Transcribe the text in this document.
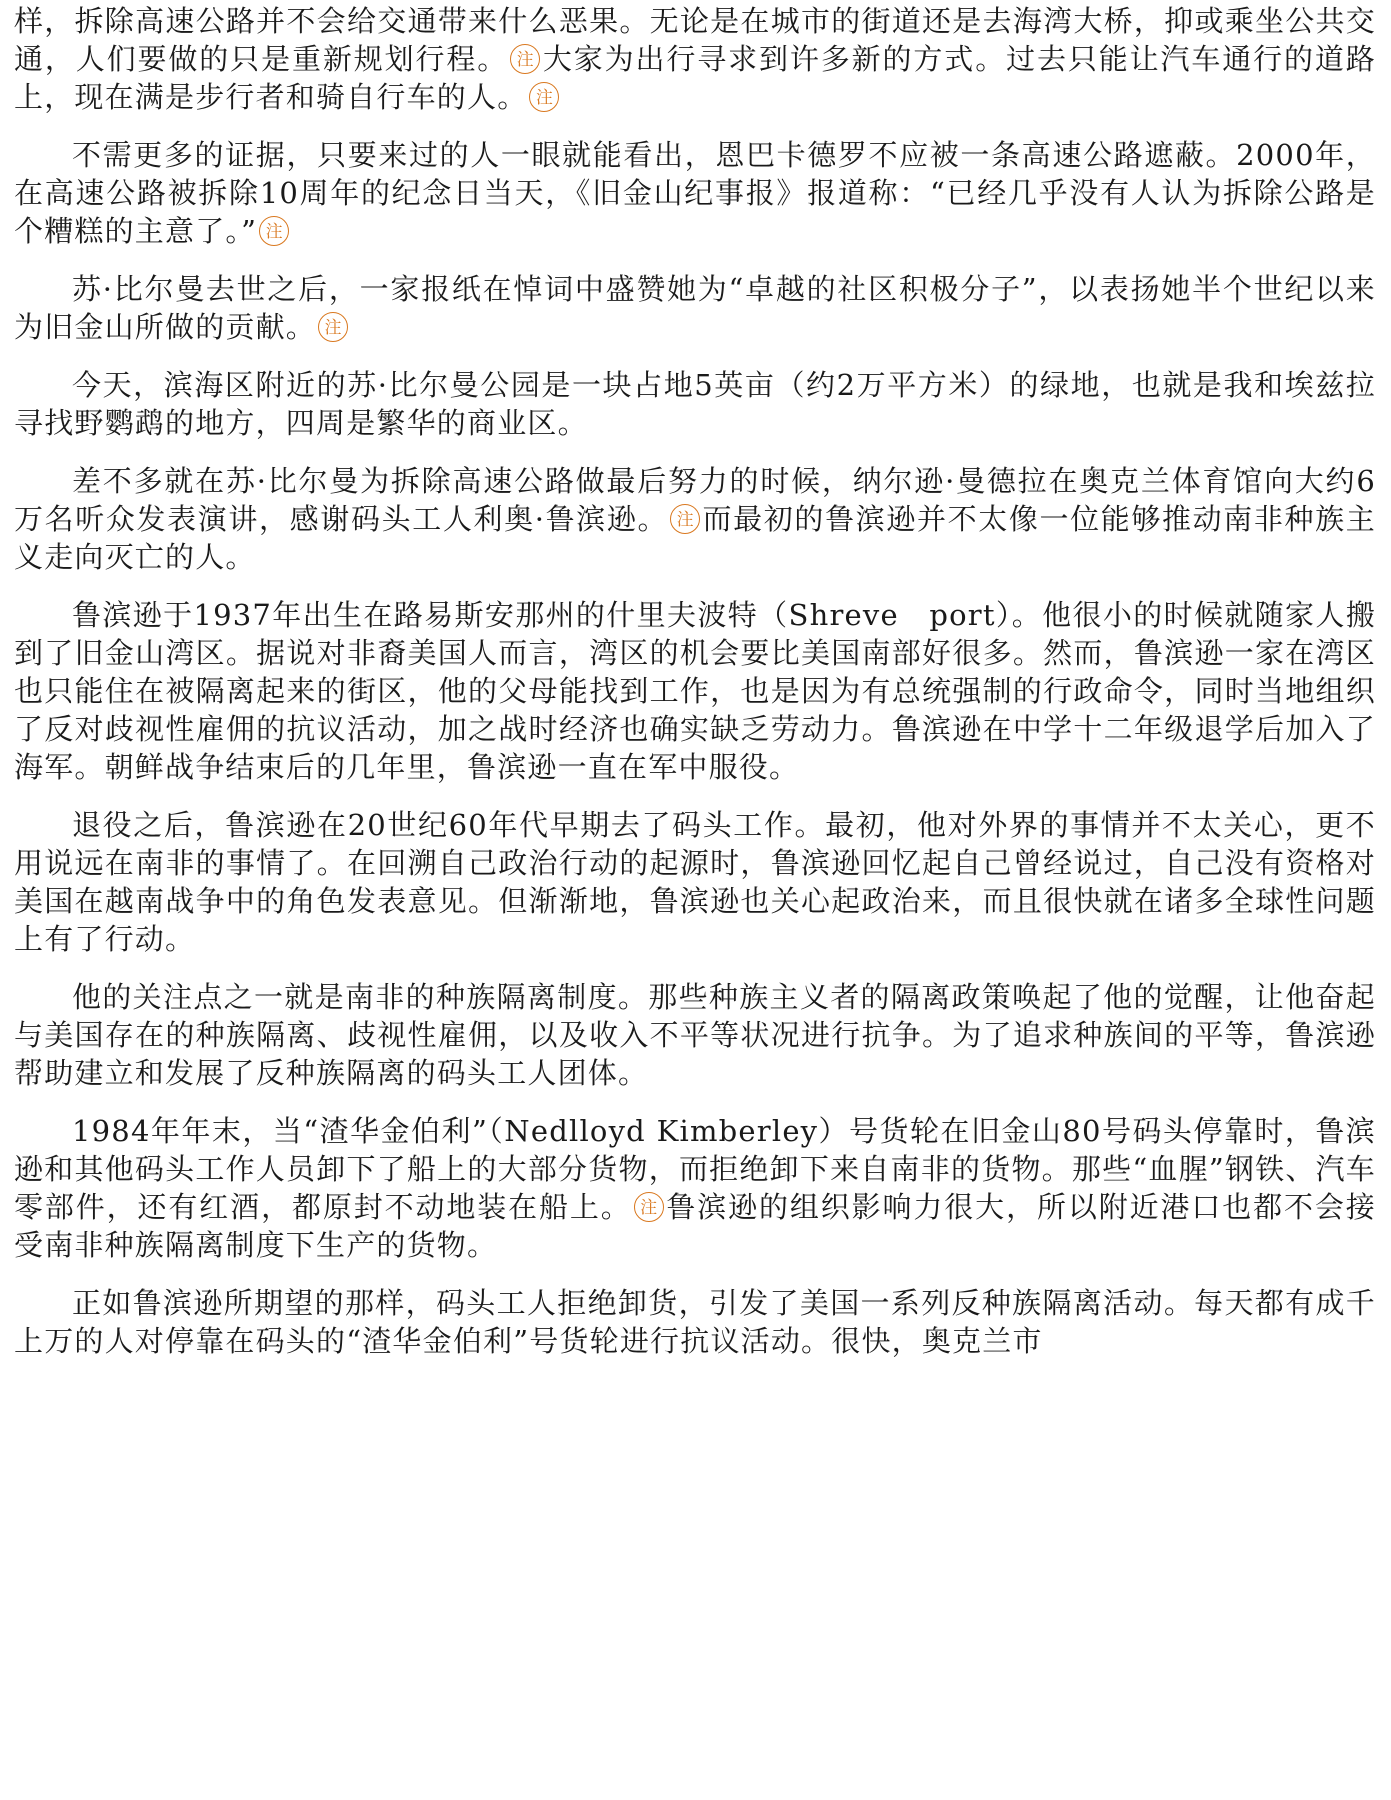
样，拆除高速公路并不会给交通带来什么恶果。无论是在城市的街道还是去海湾大桥，抑或乘坐公共交通，人们要做的只是重新规划行程。 注 大家为出行寻求到许多新的方式。过去只能让汽车通行的道路上，现在满是步行者和骑自行车的人。 注

不需更多的证据，只要来过的人一眼就能看出，恩巴卡德罗不应被一条高速公路遮蔽。2000年，在高速公路被拆除10周年的纪念日当天，《旧金山纪事报》报道称：“已经几乎没有人认为拆除公路是个糟糕的主意了。” 注

苏·比尔曼去世之后，一家报纸在悼词中盛赞她为“卓越的社区积极分子”，以表扬她半个世纪以来为旧金山所做的贡献。 注

今天，滨海区附近的苏·比尔曼公园是一块占地5英亩（约2万平方米）的绿地，也就是我和埃兹拉寻找野鹦鹉的地方，四周是繁华的商业区。

差不多就在苏·比尔曼为拆除高速公路做最后努力的时候，纳尔逊·曼德拉在奥克兰体育馆向大约6万名听众发表演讲，感谢码头工人利奥·鲁滨逊。 注 而最初的鲁滨逊并不太像一位能够推动南非种族主义走向灭亡的人。

鲁滨逊于1937年出生在路易斯安那州的什里夫波特（Shreve　port）。他很小的时候就随家人搬到了旧金山湾区。据说对非裔美国人而言，湾区的机会要比美国南部好很多。然而，鲁滨逊一家在湾区也只能住在被隔离起来的街区，他的父母能找到工作，也是因为有总统强制的行政命令，同时当地组织了反对歧视性雇佣的抗议活动，加之战时经济也确实缺乏劳动力。鲁滨逊在中学十二年级退学后加入了海军。朝鲜战争结束后的几年里，鲁滨逊一直在军中服役。

退役之后，鲁滨逊在20世纪60年代早期去了码头工作。最初，他对外界的事情并不太关心，更不用说远在南非的事情了。在回溯自己政治行动的起源时，鲁滨逊回忆起自己曾经说过，自己没有资格对美国在越南战争中的角色发表意见。但渐渐地，鲁滨逊也关心起政治来，而且很快就在诸多全球性问题上有了行动。

他的关注点之一就是南非的种族隔离制度。那些种族主义者的隔离政策唤起了他的觉醒，让他奋起与美国存在的种族隔离、歧视性雇佣，以及收入不平等状况进行抗争。为了追求种族间的平等，鲁滨逊帮助建立和发展了反种族隔离的码头工人团体。

1984年年末，当“渣华金伯利”（Nedlloyd Kimberley）号货轮在旧金山80号码头停靠时，鲁滨逊和其他码头工作人员卸下了船上的大部分货物，而拒绝卸下来自南非的货物。那些“血腥”钢铁、汽车零部件，还有红酒，都原封不动地装在船上。 注 鲁滨逊的组织影响力很大，所以附近港口也都不会接受南非种族隔离制度下生产的货物。

正如鲁滨逊所期望的那样，码头工人拒绝卸货，引发了美国一系列反种族隔离活动。每天都有成千上万的人对停靠在码头的“渣华金伯利”号货轮进行抗议活动。很快，奥克兰市
